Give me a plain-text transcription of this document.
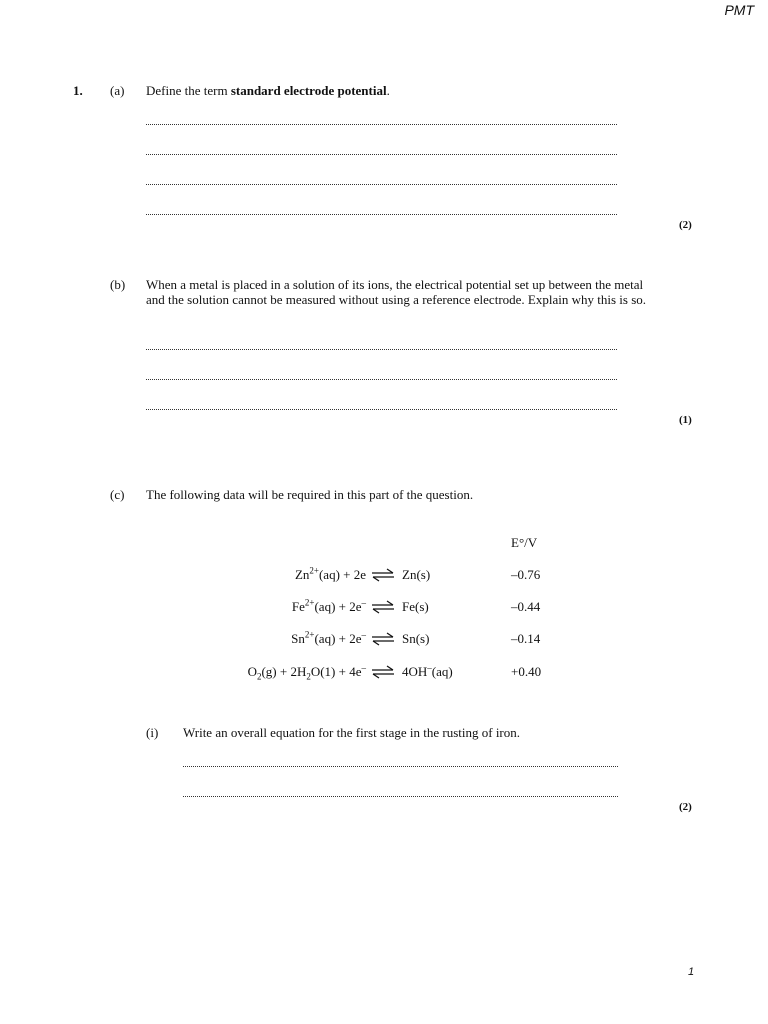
PMT
1
1. (a) Define the term standard electrode potential.
(2)
(b) When a metal is placed in a solution of its ions, the electrical potential set up between the metal and the solution cannot be measured without using a reference electrode. Explain why this is so.
(1)
(c) The following data will be required in this part of the question.
E°/V
$Zn^{2+}(aq) + 2e$ ⇌ Zn(s)	–0.76
$Fe^{2+}(aq) + 2e^-$ ⇌ Fe(s)	–0.44
$Sn^{2+}(aq) + 2e^-$ ⇌ Sn(s)	–0.14
$O_2(g) + 2H_2O(1) + 4e^-$ ⇌ 4OH–(aq)	+0.40
(i) Write an overall equation for the first stage in the rusting of iron.
(2)
